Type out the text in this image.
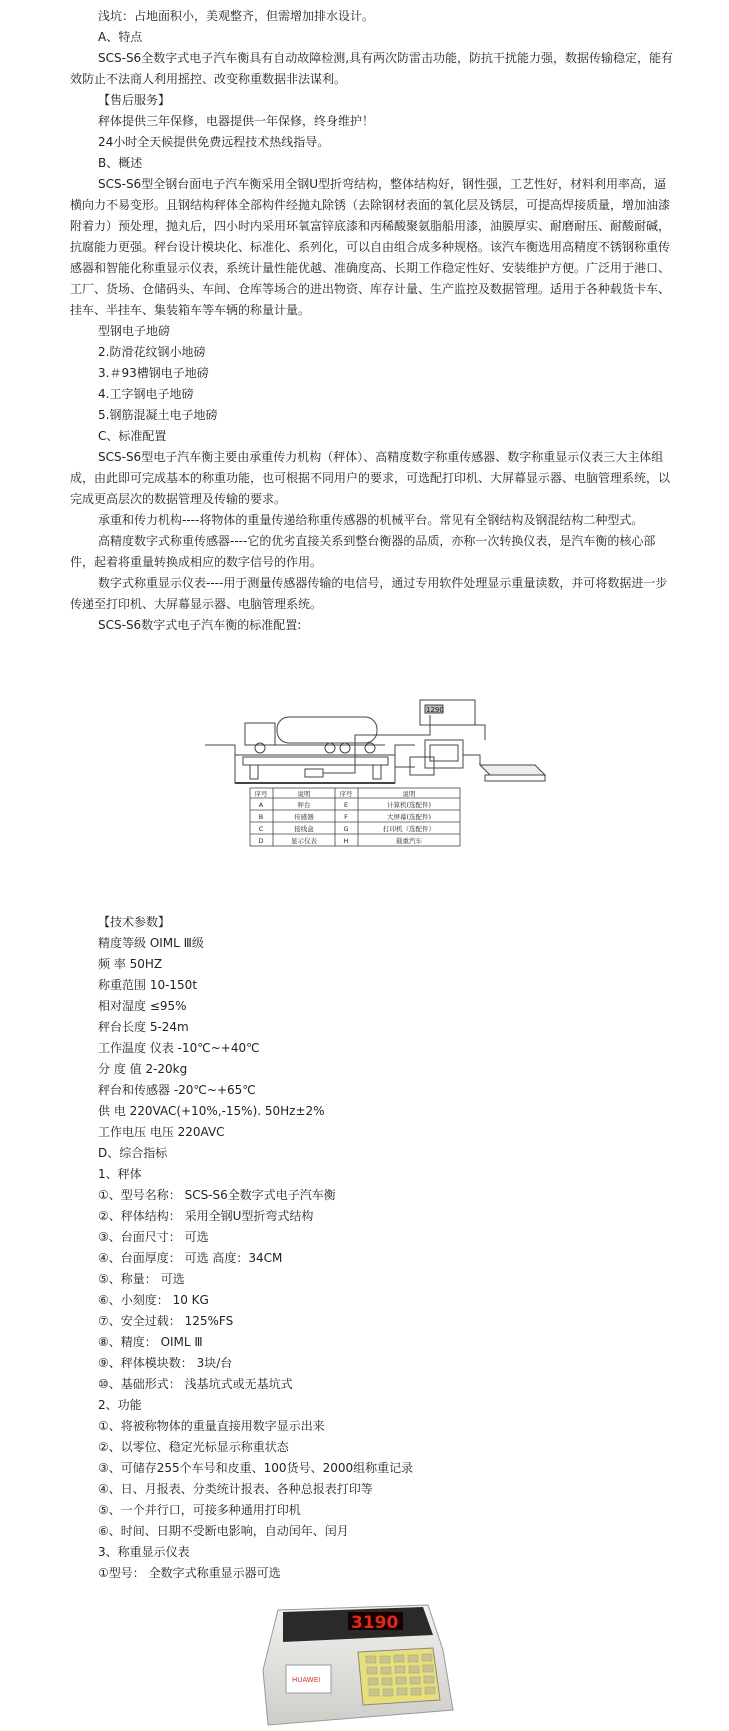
浅坑：占地面积小，美观整齐，但需增加排水设计。

A、特点

SCS-S6全数字式电子汽车衡具有自动故障检测,具有两次防雷击功能，防抗干扰能力强，数据传输稳定，能有效防止不法商人利用摇控、改变称重数据非法谋利。

【售后服务】

秤体提供三年保修，电器提供一年保修，终身维护！

24小时全天候提供免费远程技术热线指导。

B、概述

SCS-S6型全钢台面电子汽车衡采用全钢U型折弯结构，整体结构好，钢性强，工艺性好，材料利用率高，逼横向力不易变形。且钢结构秤体全部构件经抛丸除锈（去除钢材表面的氧化层及锈层，可提高焊接质量，增加油漆附着力）预处理，抛丸后，四小时内采用环氧富锌底漆和丙稀酸聚氨脂船用漆，油膜厚实、耐磨耐压、耐酸耐碱，抗腐能力更强。秤台设计模块化、标准化、系列化，可以自由组合成多种规格。该汽车衡选用高精度不锈钢称重传感器和智能化称重显示仪表，系统计量性能优越、准确度高、长期工作稳定性好、安装维护方便。广泛用于港口、工厂、货场、仓储码头、车间、仓库等场合的进出物资、库存计量、生产监控及数据管理。适用于各种载货卡车、挂车、半挂车、集装箱车等车辆的称量计量。

型钢电子地磅

2.防滑花纹钢小地磅

3.＃93槽钢电子地磅

4.工字钢电子地磅

5.钢筋混凝土电子地磅

C、标准配置

SCS-S6型电子汽车衡主要由承重传力机构（秤体）、高精度数字称重传感器、数字称重显示仪表三大主体组成，由此即可完成基本的称重功能，也可根据不同用户的要求，可选配打印机、大屏幕显示器、电脑管理系统，以完成更高层次的数据管理及传输的要求。

承重和传力机构----将物体的重量传递给称重传感器的机械平台。常见有全钢结构及钢混结构二种型式。

高精度数字式称重传感器----它的优劣直接关系到整台衡器的品质，亦称一次转换仪表，是汽车衡的核心部件，起着将重量转换成相应的数字信号的作用。

数字式称重显示仪表----用于测量传感器传输的电信号，通过专用软件处理显示重量读数，并可将数据进一步传递至打印机、大屏幕显示器、电脑管理系统。

SCS-S6数字式电子汽车衡的标准配置:

1290
序号	说明	序号	说明
A	秤台	E	计算机(选配件)
B	传感器	F	大屏幕(选配件)
C	接线盒	G	打印机（选配件）
D	显示仪表	H	载重汽车

【技术参数】

精度等级 OIML Ⅲ级

频 率 50HZ

称重范围 10-150t

相对湿度 ≤95%

秤台长度 5-24m

工作温度 仪表 -10℃~+40℃

分 度 值 2-20kg

秤台和传感器 -20℃~+65℃

供 电 220VAC(+10%,-15%). 50Hz±2%

工作电压 电压 220AVC

D、综合指标

1、秤体

①、型号名称： SCS-S6全数字式电子汽车衡

②、秤体结构： 采用全钢U型折弯式结构

③、台面尺寸： 可选

④、台面厚度： 可选 高度：34CM

⑤、称量： 可选

⑥、小刻度： 10 KG

⑦、安全过载： 125%FS

⑧、精度： OIML Ⅲ

⑨、秤体模块数： 3块/台

⑩、基础形式： 浅基坑式或无基坑式

2、功能

①、将被称物体的重量直接用数字显示出来

②、以零位、稳定光标显示称重状态

③、可储存255个车号和皮重、100货号、2000组称重记录

④、日、月报表、分类统计报表、各种总报表打印等

⑤、一个并行口，可接多种通用打印机

⑥、时间、日期不受断电影响，自动闰年、闰月

3、称重显示仪表

①型号： 全数字式称重显示器可选

3190
HUAWEI
